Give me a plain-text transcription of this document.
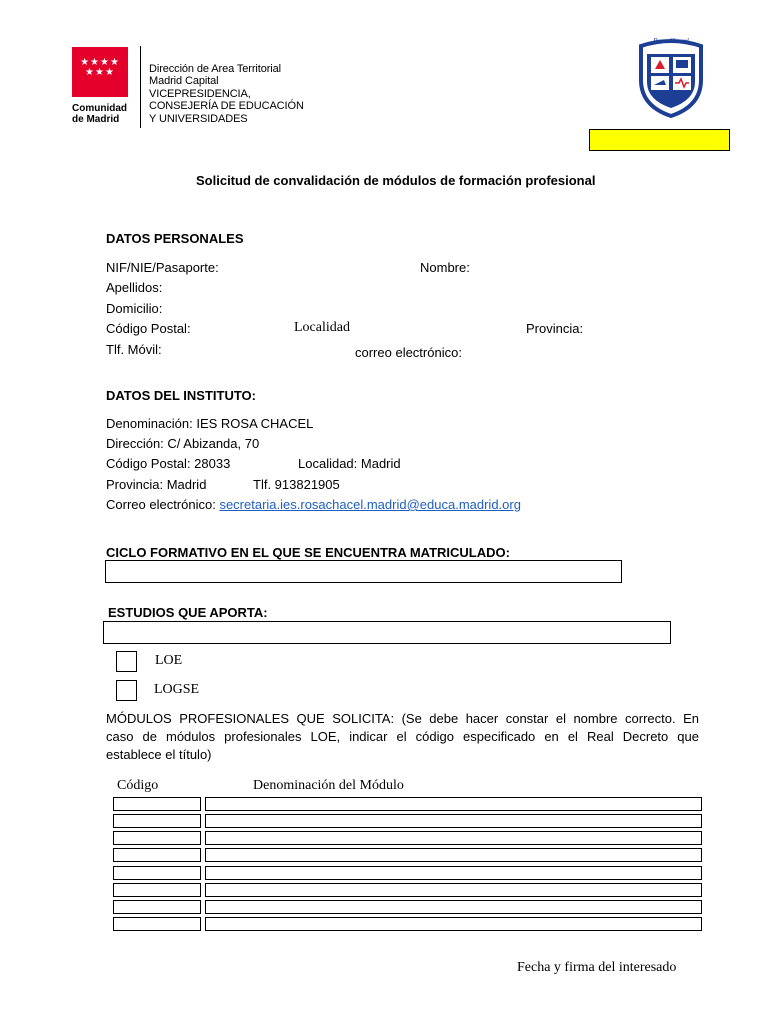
★★★★
★★★
Comunidad
de Madrid
Dirección de Area Territorial
Madrid Capital
VICEPRESIDENCIA,
CONSEJERÍA DE EDUCACIÓN
Y UNIVERSIDADES
Rosa Chacel
Solicitud de convalidación de módulos de formación profesional
DATOS PERSONALES
NIF/NIE/Pasaporte:	Nombre:
Apellidos:
Domicilio:
Código Postal:	Localidad	Provincia:
Tlf. Móvil:	correo electrónico:
DATOS DEL INSTITUTO:
Denominación: IES ROSA CHACEL
Dirección: C/ Abizanda, 70
Código Postal: 28033	Localidad: Madrid
Provincia: Madrid	Tlf. 913821905
Correo electrónico: secretaria.ies.rosachacel.madrid@educa.madrid.org
CICLO FORMATIVO EN EL QUE SE ENCUENTRA MATRICULADO:
ESTUDIOS QUE APORTA:
LOE
LOGSE
MÓDULOS PROFESIONALES QUE SOLICITA: (Se debe hacer constar el nombre correcto. En
caso de módulos profesionales LOE, indicar el código especificado en el Real Decreto que
establece el título)
Código	Denominación del Módulo
Fecha y firma del interesado
